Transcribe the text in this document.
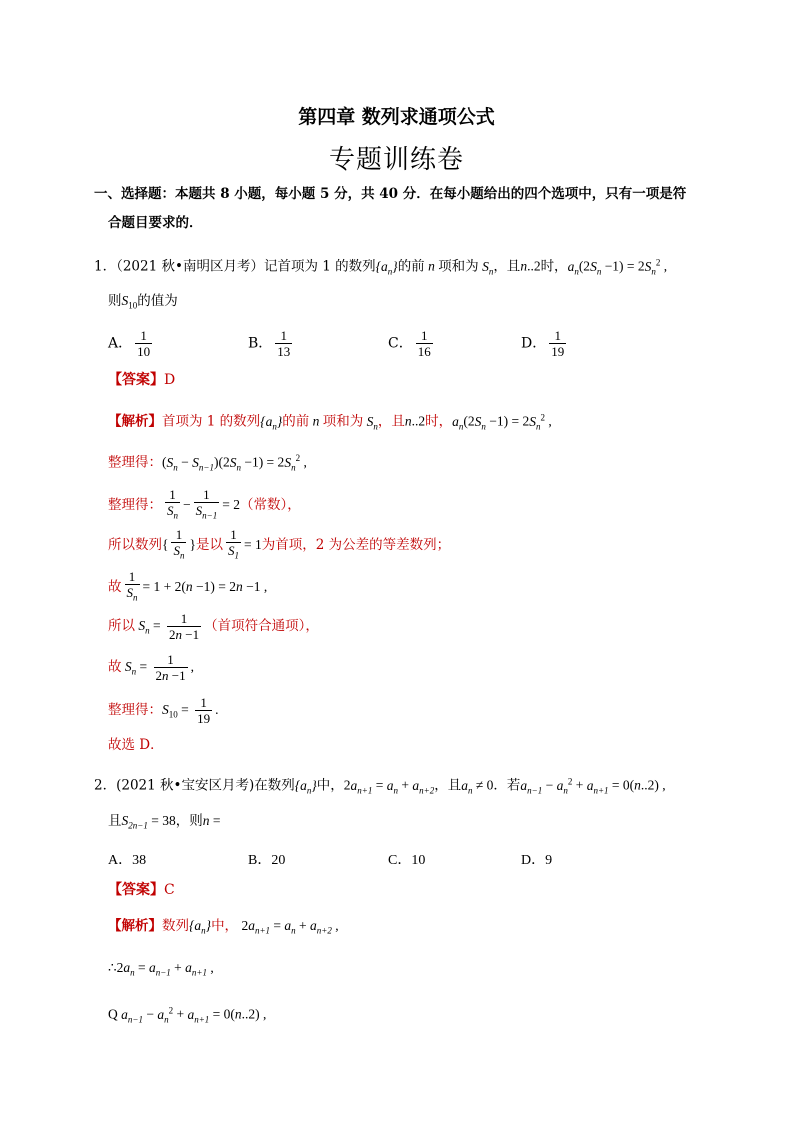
第四章 数列求通项公式
专题训练卷
一、选择题：本题共 8 小题，每小题 5 分，共 40 分．在每小题给出的四个选项中，只有一项是符
合题目要求的．
1．（2021 秋•南明区月考）记首项为 1 的数列$\{a_n\}$的前 n 项和为 $S_n$，且n..2时，$a_n(2S_n -1) = 2S_n^2$ ,
则$S_{10}$的值为
A． $\frac{1}{10}$	B． $\frac{1}{13}$	C． $\frac{1}{16}$	D． $\frac{1}{19}$
【答案】D
【解析】首项为 1 的数列$\{a_n\}$的前 n 项和为 $S_n$，且n..2时，$a_n(2S_n -1) = 2S_n^2$ ,
整理得：$(S_n - S_{n-1})(2S_n -1) = 2S_n^2$ ,
整理得： $\frac{1}{S_n} - \frac{1}{S_{n-1}} = 2$（常数），
所以数列{ $\frac{1}{S_n}$ }是以 $\frac{1}{S_1} = 1$为首项，2 为公差的等差数列；
故 $\frac{1}{S_n} = 1 + 2(n -1) = 2n -1$ ,
所以 $S_n = \frac{1}{2n -1}$ （首项符合通项），
故 $S_n = \frac{1}{2n -1}$ ,
整理得：$S_{10} = \frac{1}{19}$ .
故选 D．
2．(2021 秋•宝安区月考)在数列$\{a_n\}$中，$2a_{n+1} = a_n + a_{n+2}$，且$a_n \ne 0$．若$a_{n-1} - a_n^2 + a_{n+1} = 0(n..2)$ ,
且$S_{2n-1} = 38$，则n =
A．38	B．20	C．10	D．9
【答案】C
【解析】数列$\{a_n\}$中， $2a_{n+1} = a_n + a_{n+2}$ ,
$\therefore 2a_n = a_{n-1} + a_{n+1}$ ,
Q $a_{n-1} - a_n^2 + a_{n+1} = 0(n..2)$ ,
